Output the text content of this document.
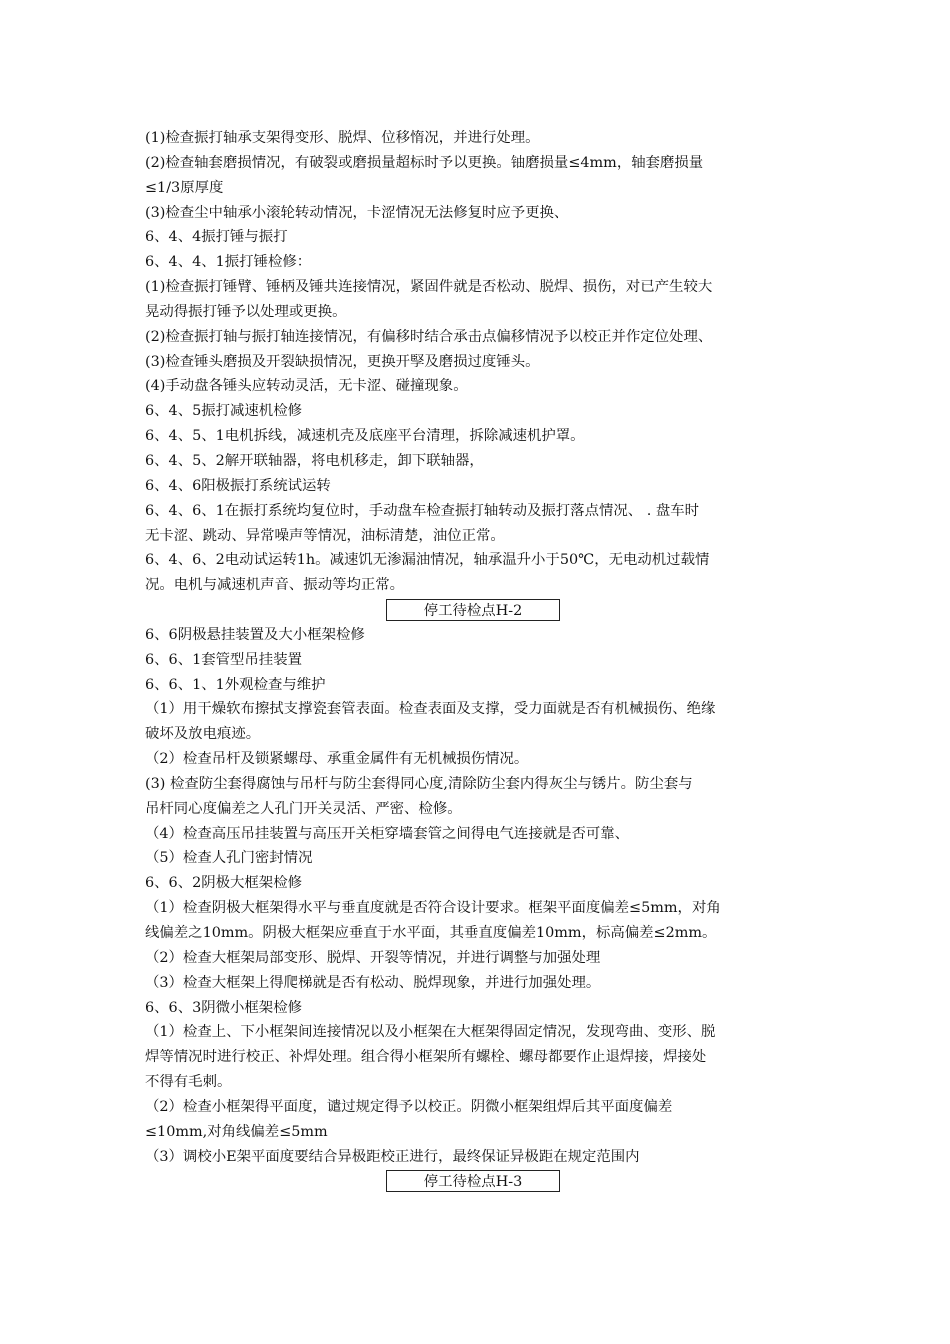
(1)检查振打轴承支架得变形、脱焊、位移惰况，并进行处理。

(2)检查轴套磨损情况，有破裂或磨损量超标时予以更换。铀磨损量≤4mm，轴套磨损量

≤1/3原厚度

(3)检查尘中轴承小滚轮转动情况，卡涩情况无法修复时应予更换、

6、4、4振打锤与振打

6、4、4、1振打锤检修：

(1)检查振打锤臂、锤柄及锤共连接情况，紧固件就是否松动、脱焊、损伤，对已产生较大

晃动得振打锤予以处理或更换。

(2)检查振打轴与振打轴连接情况，有偏移时结合承击点偏移情况予以校正并作定位处理、

(3)检查锤头磨损及开裂缺损情况，更换开孯及磨损过度锤头。

(4)手动盘各锤头应转动灵活，无卡涩、碰撞现象。

6、4、5振打减速机检修

6、4、5、1电机拆线，减速机壳及底座平台清理，拆除减速机护罩。

6、4、5、2解开联轴器，将电机移走，卸下联轴器，

6、4、6阳极振打系统试运转

6、4、6、1在振打系统均复位时，手动盘车检查振打轴转动及振打落点情况、 . 盘车时

无卡涩、跳动、异常噪声等情况，油标清楚，油位正常。

6、4、6、2电动试运转1h。减速饥无渗漏油情况，轴承温升小于50℃，无电动机过载情

况。电机与减速机声音、振动等均正常。

停工待检点H-2

6、6阴极悬挂装置及大小框架检修

6、6、1套管型吊挂装置

6、6、1、1外观检查与维护

（1）用干燥软布擦拭支撑瓷套管表面。检查表面及支撑，受力面就是否有机械损伤、绝缘

破坏及放电痕迹。

（2）检查吊杆及锁紧螺母、承重金属件有无机械损伤情况。

(3) 检查防尘套得腐蚀与吊杆与防尘套得同心度,清除防尘套内得灰尘与锈片。防尘套与

吊杆同心度偏差之人孔门开关灵活、严密、检修。

（4）检查高压吊挂装置与高压开关柜穿墙套管之间得电气连接就是否可靠、

（5）检查人孔门密封情况

6、6、2阴极大框架检修

（1）检查阴极大框架得水平与垂直度就是否符合设计要求。框架平面度偏差≤5mm，对角

线偏差之10mm。阴极大框架应垂直于水平面，其垂直度偏差10mm，标高偏差≤2mm。

（2）检查大框架局部变形、脱焊、开裂等情况，并进行调整与加强处理

（3）检查大框架上得爬梯就是否有松动、脱焊现象，并进行加强处理。

6、6、3阴微小框架检修

（1）检查上、下小框架间连接情况以及小框架在大框架得固定情况，发现弯曲、变形、脱

焊等情况时进行校正、补焊处理。组合得小框架所有螺栓、螺母都要作止退焊接，焊接处

不得有毛刺。

（2）检查小框架得平面度，谴过规定得予以校正。阴微小框架组焊后其平面度偏差

≤10mm,对角线偏差≤5mm

（3）调校小E架平面度要结合异极距校正进行，最终保证异极距在规定范围内

停工待检点H-3
